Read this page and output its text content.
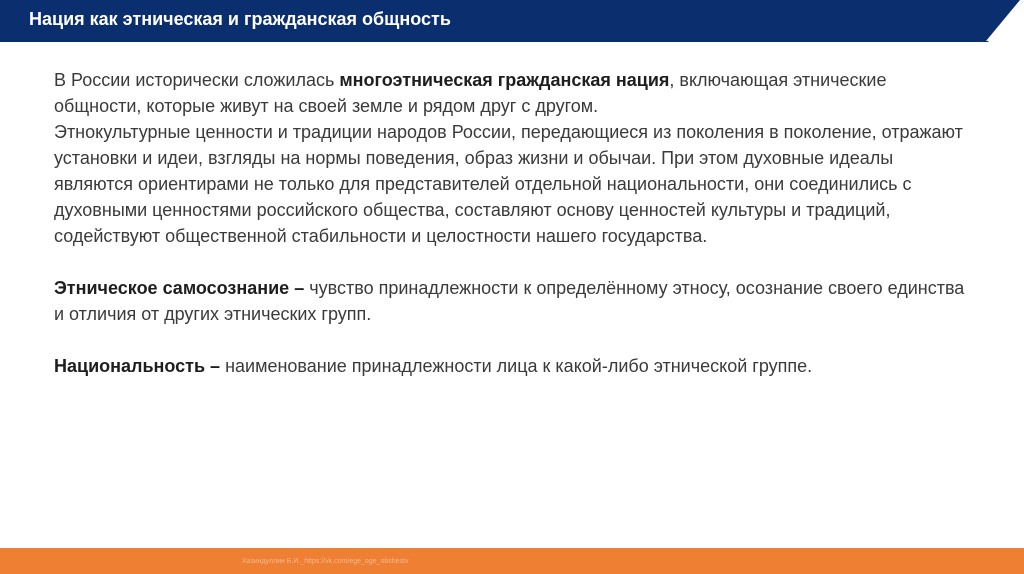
Нация как этническая и гражданская общность

В России исторически сложилась многоэтническая гражданская нация, включающая этнические общности, которые живут на своей земле и рядом друг с другом.

Этнокультурные ценности и традиции народов России, передающиеся из поколения в поколение, отражают установки и идеи, взгляды на нормы поведения, образ жизни и обычаи. При этом духовные идеалы являются ориентирами не только для представителей отдельной национальности, они соединились с духовными ценностями российского общества, составляют основу ценностей культуры и традиций, содействуют общественной стабильности и целостности нашего государства.

Этническое самосознание – чувство принадлежности к определённому этносу, осознание своего единства и отличия от других этнических групп.

Национальность – наименование принадлежности лица к какой-либо этнической группе.

Хазиндуллин Б.И._https://vk.com/ege_oge_obshestv
